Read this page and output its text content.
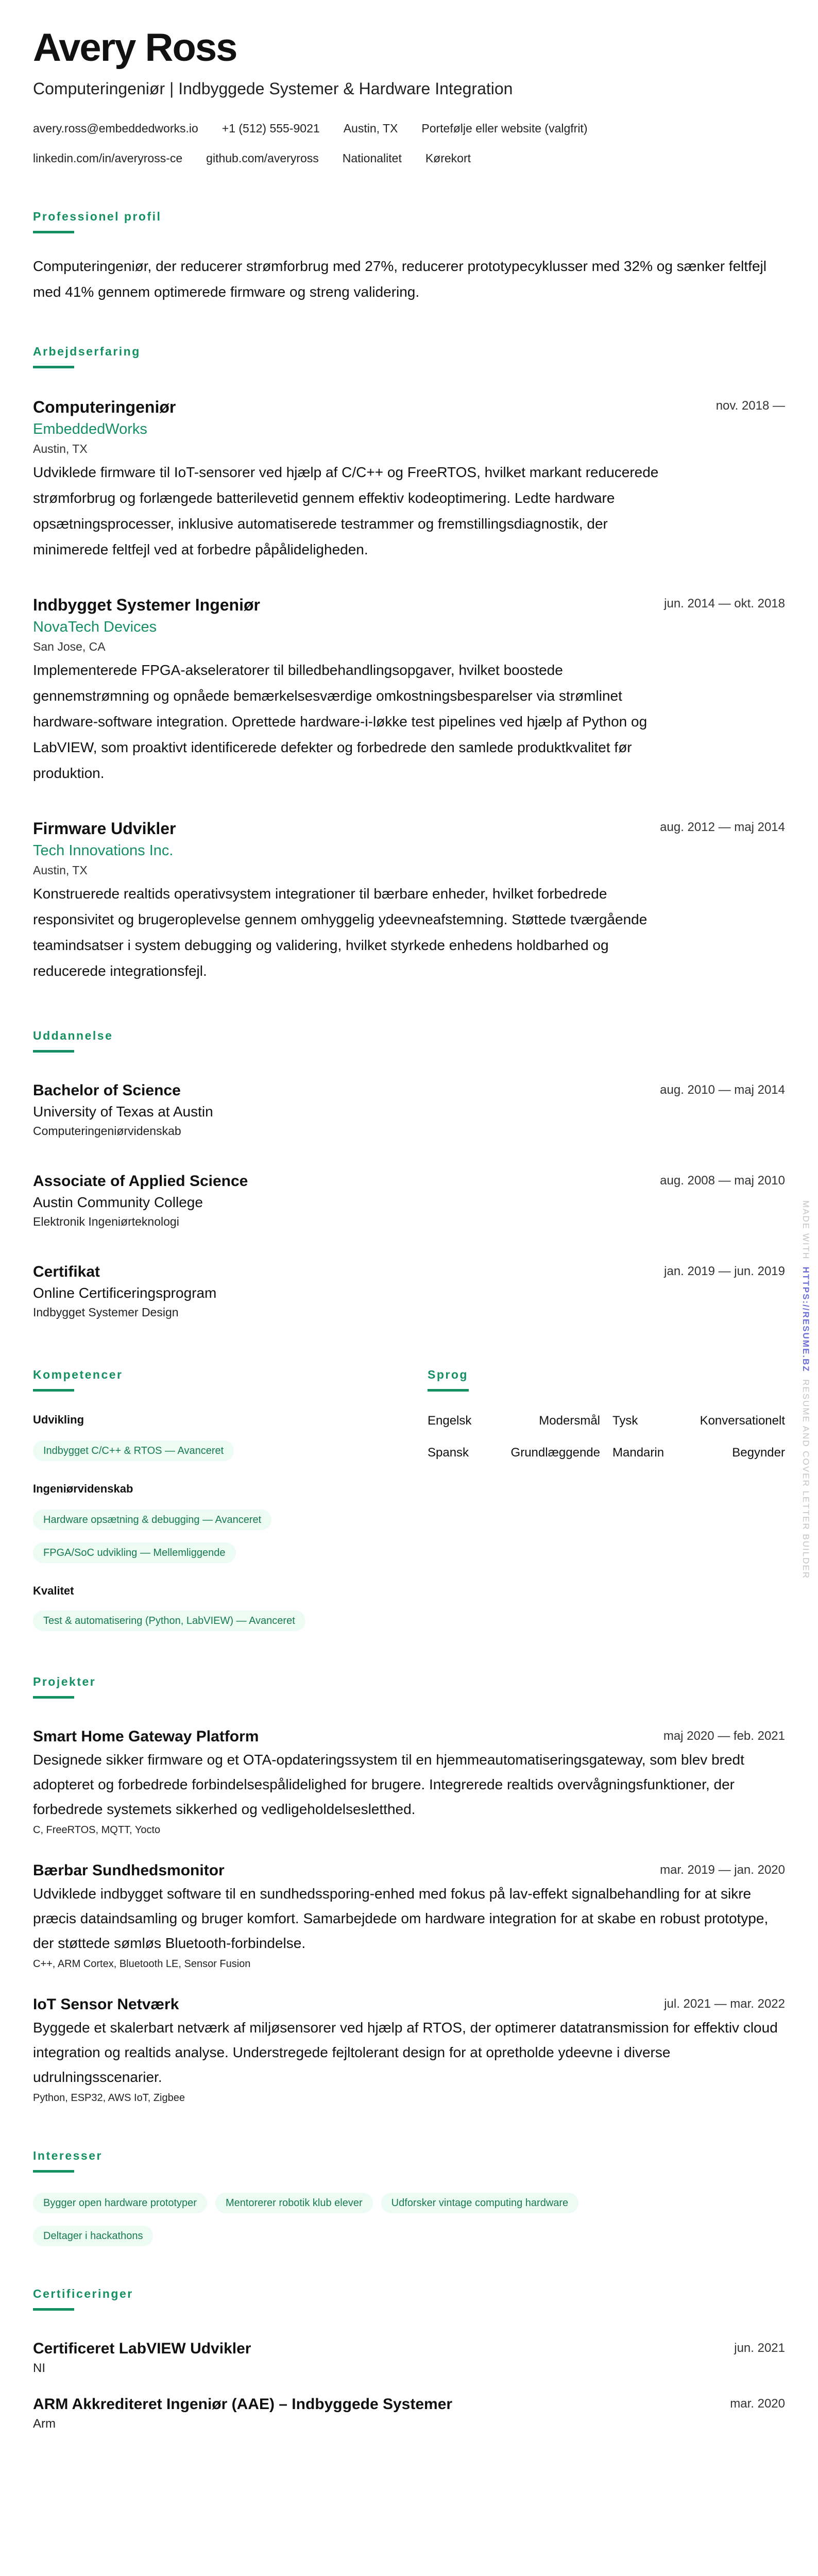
Avery Ross
Computeringeniør | Indbyggede Systemer & Hardware Integration
avery.ross@embeddedworks.io +1 (512) 555-9021 Austin, TX Portefølje eller website (valgfrit)
linkedin.com/in/averyross-ce github.com/averyross Nationalitet Kørekort
Professionel profil
Computeringeniør, der reducerer strømforbrug med 27%, reducerer prototypecyklusser med 32% og sænker feltfejl med 41% gennem optimerede firmware og streng validering.
Arbejdserfaring
Computeringeniør	nov. 2018 —
EmbeddedWorks
Austin, TX
Udviklede firmware til IoT-sensorer ved hjælp af C/C++ og FreeRTOS, hvilket markant reducerede strømforbrug og forlængede batterilevetid gennem effektiv kodeoptimering. Ledte hardware opsætningsprocesser, inklusive automatiserede testrammer og fremstillingsdiagnostik, der minimerede feltfejl ved at forbedre påpålideligheden.
Indbygget Systemer Ingeniør	jun. 2014 — okt. 2018
NovaTech Devices
San Jose, CA
Implementerede FPGA-akseleratorer til billedbehandlingsopgaver, hvilket boostede gennemstrømning og opnåede bemærkelsesværdige omkostningsbesparelser via strømlinet hardware-software integration. Oprettede hardware-i-løkke test pipelines ved hjælp af Python og LabVIEW, som proaktivt identificerede defekter og forbedrede den samlede produktkvalitet før produktion.
Firmware Udvikler	aug. 2012 — maj 2014
Tech Innovations Inc.
Austin, TX
Konstruerede realtids operativsystem integrationer til bærbare enheder, hvilket forbedrede responsivitet og brugeroplevelse gennem omhyggelig ydeevneafstemning. Støttede tværgående teamindsatser i system debugging og validering, hvilket styrkede enhedens holdbarhed og reducerede integrationsfejl.
Uddannelse
Bachelor of Science	aug. 2010 — maj 2014
University of Texas at Austin
Computeringeniørvidenskab
Associate of Applied Science	aug. 2008 — maj 2010
Austin Community College
Elektronik Ingeniørteknologi
Certifikat	jan. 2019 — jun. 2019
Online Certificeringsprogram
Indbygget Systemer Design
Kompetencer
Udvikling
Indbygget C/C++ & RTOS — Avanceret
Ingeniørvidenskab
Hardware opsætning & debugging — Avanceret
FPGA/SoC udvikling — Mellemliggende
Kvalitet
Test & automatisering (Python, LabVIEW) — Avanceret
Sprog
Engelsk	Modersmål Tysk	Konversationelt
Spansk	Grundlæggende Mandarin	Begynder
Projekter
Smart Home Gateway Platform	maj 2020 — feb. 2021
Designede sikker firmware og et OTA-opdateringssystem til en hjemmeautomatiseringsgateway, som blev bredt adopteret og forbedrede forbindelsespålidelighed for brugere. Integrerede realtids overvågningsfunktioner, der forbedrede systemets sikkerhed og vedligeholdelsesletthed.
C, FreeRTOS, MQTT, Yocto
Bærbar Sundhedsmonitor	mar. 2019 — jan. 2020
Udviklede indbygget software til en sundhedssporing-enhed med fokus på lav-effekt signalbehandling for at sikre præcis dataindsamling og bruger komfort. Samarbejdede om hardware integration for at skabe en robust prototype, der støttede sømløs Bluetooth-forbindelse.
C++, ARM Cortex, Bluetooth LE, Sensor Fusion
IoT Sensor Netværk	jul. 2021 — mar. 2022
Byggede et skalerbart netværk af miljøsensorer ved hjælp af RTOS, der optimerer datatransmission for effektiv cloud integration og realtids analyse. Understregede fejltolerant design for at opretholde ydeevne i diverse udrulningsscenarier.
Python, ESP32, AWS IoT, Zigbee
Interesser
Bygger open hardware prototyper	Mentorerer robotik klub elever	Udforsker vintage computing hardware
Deltager i hackathons
Certificeringer
Certificeret LabVIEW Udvikler	jun. 2021
NI
ARM Akkrediteret Ingeniør (AAE) – Indbyggede Systemer	mar. 2020
Arm
MADE WITH  HTTPS://RESUME.BZ  RESUME AND COVER LETTER BUILDER
